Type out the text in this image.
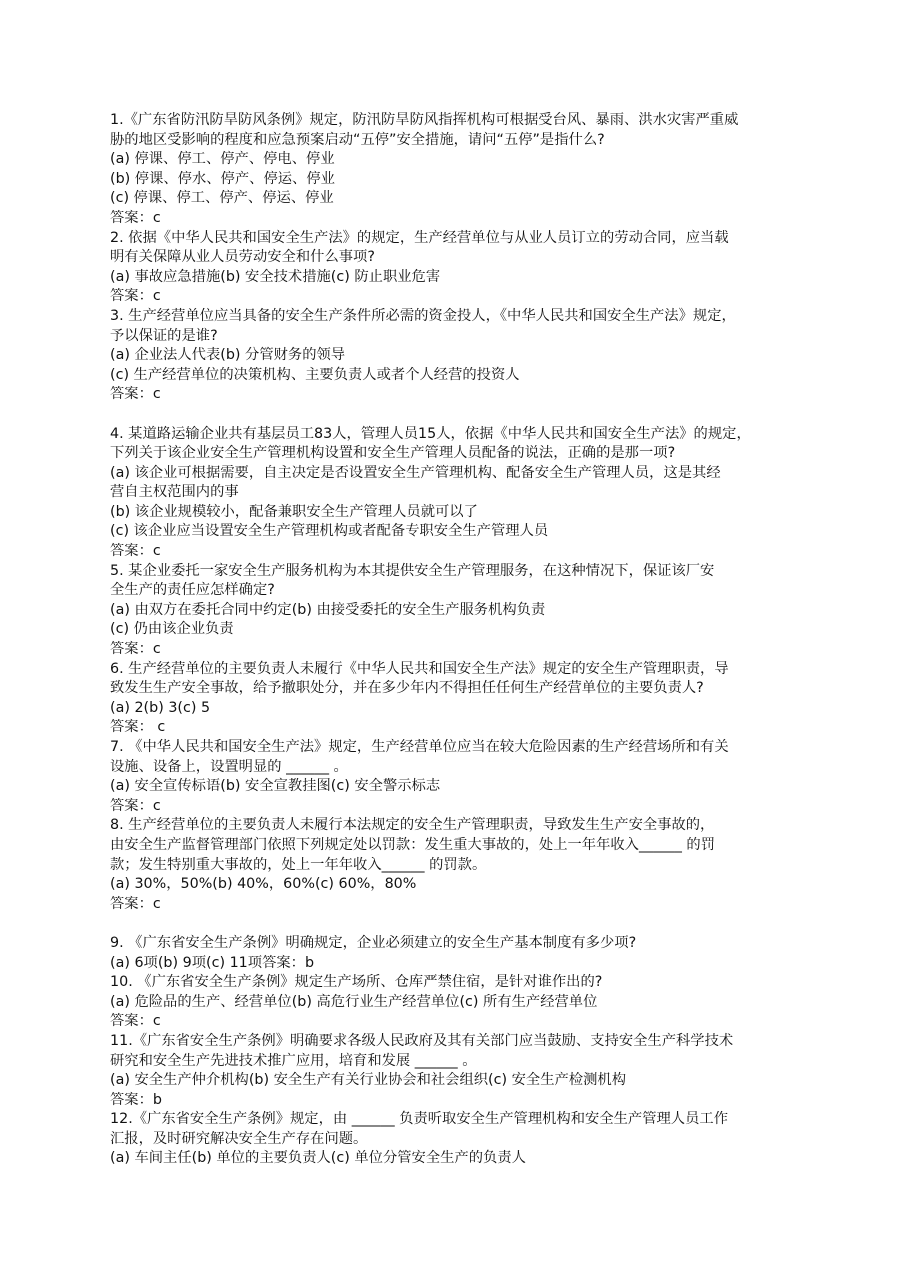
1.《广东省防汛防旱防风条例》规定，防汛防旱防风指挥机构可根据受台风、暴雨、洪水灾害严重威
胁的地区受影响的程度和应急预案启动“五停”安全措施，请问“五停”是指什么?
(a) 停课、停工、停产、停电、停业
(b) 停课、停水、停产、停运、停业
(c) 停课、停工、停产、停运、停业
答案：c
2. 依据《中华人民共和国安全生产法》的规定，生产经营单位与从业人员订立的劳动合同，应当载
明有关保障从业人员劳动安全和什么事项?
(a) 事故应急措施(b) 安全技术措施(c) 防止职业危害
答案：c
3. 生产经营单位应当具备的安全生产条件所必需的资金投人，《中华人民共和国安全生产法》规定，
予以保证的是谁?
(a) 企业法人代表(b) 分管财务的领导
(c) 生产经营单位的决策机构、主要负责人或者个人经营的投资人
答案：c
4. 某道路运输企业共有基层员工83人，管理人员15人，依据《中华人民共和国安全生产法》的规定，
下列关于该企业安全生产管理机构设置和安全生产管理人员配备的说法，正确的是那一项?
(a) 该企业可根据需要，自主决定是否设置安全生产管理机构、配备安全生产管理人员，这是其经
营自主权范围内的事
(b) 该企业规模较小，配备兼职安全生产管理人员就可以了
(c) 该企业应当设置安全生产管理机构或者配备专职安全生产管理人员
答案：c
5. 某企业委托一家安全生产服务机构为本其提供安全生产管理服务，在这种情况下，保证该厂安
全生产的责任应怎样确定?
(a) 由双方在委托合同中约定(b) 由接受委托的安全生产服务机构负责
(c) 仍由该企业负责
答案：c
6. 生产经营单位的主要负责人未履行《中华人民共和国安全生产法》规定的安全生产管理职责，导
致发生生产安全事故，给予撤职处分，并在多少年内不得担任任何生产经营单位的主要负责人?
(a) 2(b) 3(c) 5
答案： c
7. 《中华人民共和国安全生产法》规定，生产经营单位应当在较大危险因素的生产经营场所和有关
设施、设备上，设置明显的 ______ 。
(a) 安全宣传标语(b) 安全宣教挂图(c) 安全警示标志
答案：c
8. 生产经营单位的主要负责人未履行本法规定的安全生产管理职责，导致发生生产安全事故的，
由安全生产监督管理部门依照下列规定处以罚款：发生重大事故的，处上一年年收入______ 的罚
款；发生特别重大事故的，处上一年年收入______ 的罚款。
(a) 30%，50%(b) 40%，60%(c) 60%，80%
答案：c
9. 《广东省安全生产条例》明确规定，企业必须建立的安全生产基本制度有多少项?
(a) 6项(b) 9项(c) 11项答案：b
10. 《广东省安全生产条例》规定生产场所、仓库严禁住宿，是针对谁作出的?
(a) 危险品的生产、经营单位(b) 高危行业生产经营单位(c) 所有生产经营单位
答案：c
11.《广东省安全生产条例》明确要求各级人民政府及其有关部门应当鼓励、支持安全生产科学技术
研究和安全生产先进技术推广应用，培育和发展 ______ 。
(a) 安全生产仲介机构(b) 安全生产有关行业协会和社会组织(c) 安全生产检测机构
答案：b
12.《广东省安全生产条例》规定，由 ______ 负责听取安全生产管理机构和安全生产管理人员工作
汇报，及时研究解决安全生产存在问题。
(a) 车间主任(b) 单位的主要负责人(c) 单位分管安全生产的负责人
